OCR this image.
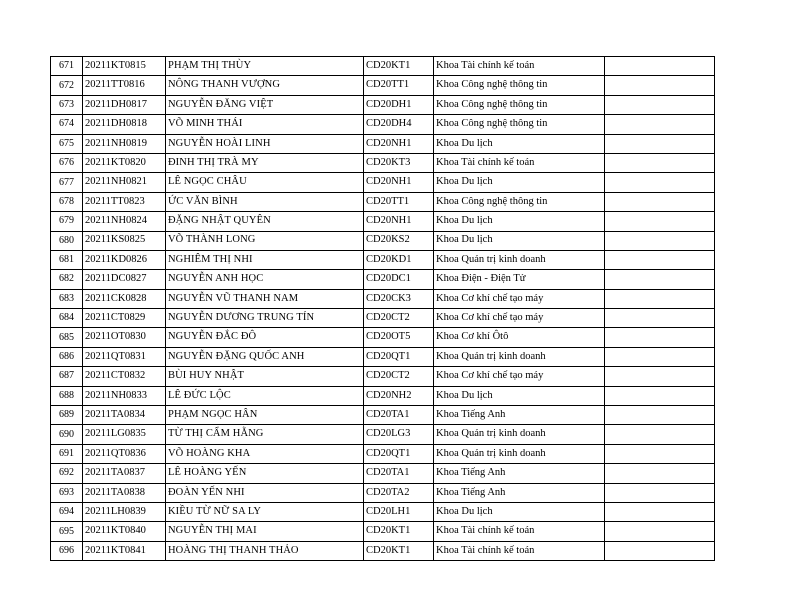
671	20211KT0815	PHẠM THỊ THÙY	CD20KT1	Khoa Tài chính kế toán	
672	20211TT0816	NÔNG THANH VƯỢNG	CD20TT1	Khoa Công nghệ thông tin	
673	20211DH0817	NGUYỄN ĐĂNG VIỆT	CD20DH1	Khoa Công nghệ thông tin	
674	20211DH0818	VÕ MINH THÁI	CD20DH4	Khoa Công nghệ thông tin	
675	20211NH0819	NGUYỄN HOÀI LINH	CD20NH1	Khoa Du lịch	
676	20211KT0820	ĐINH THỊ TRÀ MY	CD20KT3	Khoa Tài chính kế toán	
677	20211NH0821	LÊ NGỌC CHÂU	CD20NH1	Khoa Du lịch	
678	20211TT0823	ỨC VĂN BÌNH	CD20TT1	Khoa Công nghệ thông tin	
679	20211NH0824	ĐẶNG NHẬT QUYÊN	CD20NH1	Khoa Du lịch	
680	20211KS0825	VÕ THÀNH LONG	CD20KS2	Khoa Du lịch	
681	20211KD0826	NGHIÊM THỊ NHI	CD20KD1	Khoa Quản trị kinh doanh	
682	20211DC0827	NGUYỄN ANH HỌC	CD20DC1	Khoa Điện - Điện Tử	
683	20211CK0828	NGUYỄN VŨ THANH NAM	CD20CK3	Khoa Cơ khí chế tạo máy	
684	20211CT0829	NGUYỄN DƯƠNG TRUNG TÍN	CD20CT2	Khoa Cơ khí chế tạo máy	
685	20211OT0830	NGUYỄN ĐẮC ĐÔ	CD20OT5	Khoa Cơ khí Ôtô	
686	20211QT0831	NGUYỄN ĐẶNG QUỐC ANH	CD20QT1	Khoa Quản trị kinh doanh	
687	20211CT0832	BÙI HUY NHẬT	CD20CT2	Khoa Cơ khí chế tạo máy	
688	20211NH0833	LÊ ĐỨC LỘC	CD20NH2	Khoa Du lịch	
689	20211TA0834	PHẠM NGỌC HÂN	CD20TA1	Khoa Tiếng Anh	
690	20211LG0835	TỪ THỊ CẨM HẰNG	CD20LG3	Khoa Quản trị kinh doanh	
691	20211QT0836	VÕ HOÀNG KHA	CD20QT1	Khoa Quản trị kinh doanh	
692	20211TA0837	LÊ HOÀNG YẾN	CD20TA1	Khoa Tiếng Anh	
693	20211TA0838	ĐOÀN YẾN NHI	CD20TA2	Khoa Tiếng Anh	
694	20211LH0839	KIỀU TỪ NỮ SA LY	CD20LH1	Khoa Du lịch	
695	20211KT0840	NGUYỄN THỊ MAI	CD20KT1	Khoa Tài chính kế toán	
696	20211KT0841	HOÀNG THỊ THANH THẢO	CD20KT1	Khoa Tài chính kế toán	
